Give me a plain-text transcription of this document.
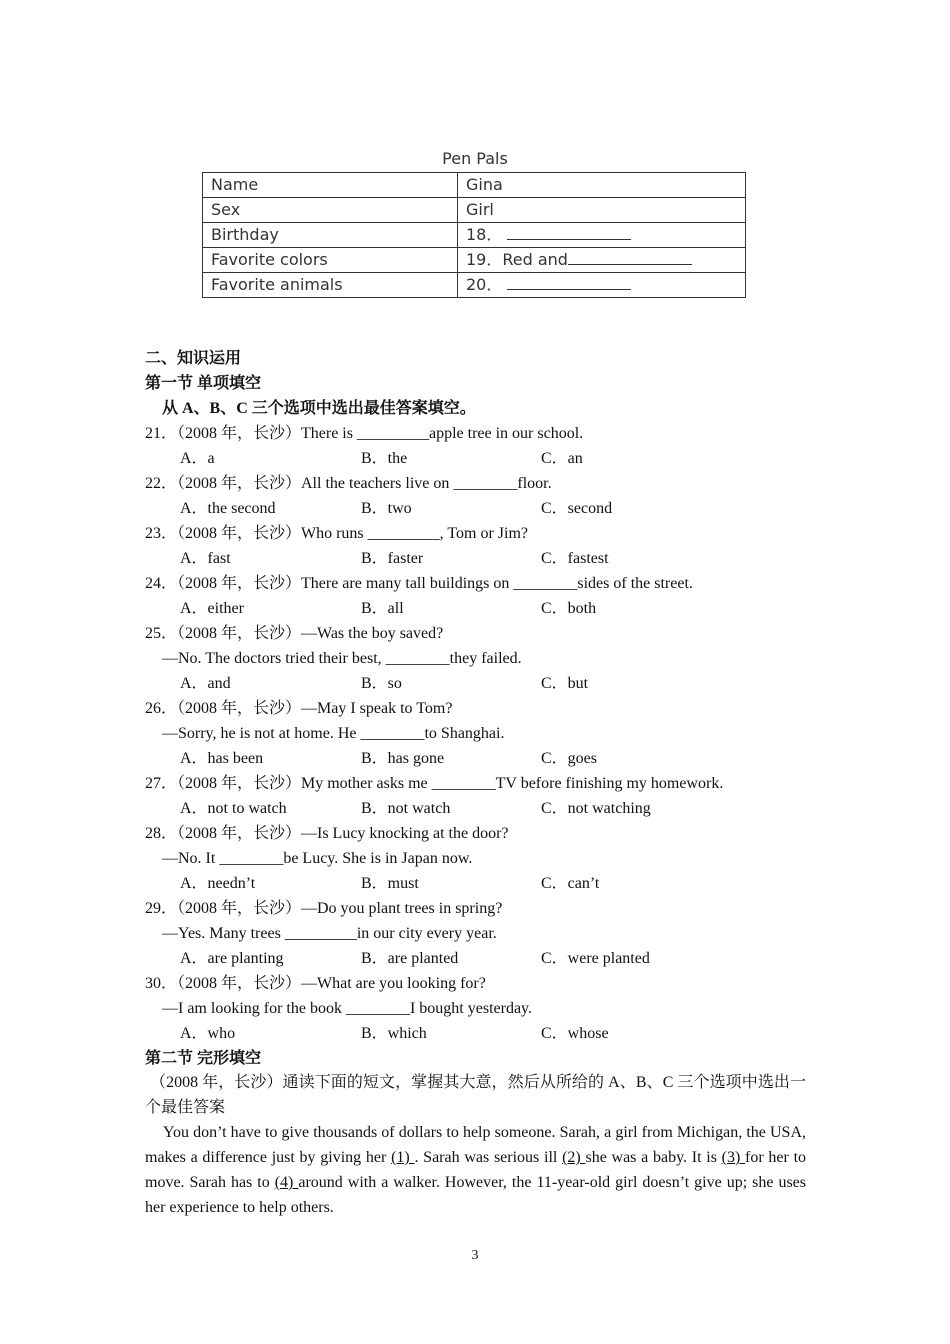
Pen Pals
Name	Gina
Sex	Girl
Birthday	18．
Favorite colors	19．Red and
Favorite animals	20．
二、知识运用
第一节 单项填空
从 A、B、C 三个选项中选出最佳答案填空。
21．（2008 年，长沙）There is _________apple tree in our school.
A．a	B．the	C．an
22．（2008 年，长沙）All the teachers live on ________floor.
A．the second	B．two	C．second
23．（2008 年，长沙）Who runs _________, Tom or Jim?
A．fast	B．faster	C．fastest
24．（2008 年，长沙）There are many tall buildings on ________sides of the street.
A．either	B．all	C．both
25．（2008 年，长沙）—Was the boy saved?
—No. The doctors tried their best, ________they failed.
A．and	B．so	C．but
26．（2008 年，长沙）—May I speak to Tom?
—Sorry, he is not at home. He ________to Shanghai.
A．has been	B．has gone	C．goes
27．（2008 年，长沙）My mother asks me ________TV before finishing my homework.
A．not to watch	B．not watch	C．not watching
28．（2008 年，长沙）—Is Lucy knocking at the door?
—No. It ________be Lucy. She is in Japan now.
A．needn’t	B．must	C．can’t
29．（2008 年，长沙）—Do you plant trees in spring?
—Yes. Many trees _________in our city every year.
A．are planting	B．are planted	C．were planted
30．（2008 年，长沙）—What are you looking for?
—I am looking for the book ________I bought yesterday.
A．who	B．which	C．whose
第二节 完形填空
（2008 年，长沙）通读下面的短文，掌握其大意，然后从所给的 A、B、C 三个选项中选出一个最佳答案
You don’t have to give thousands of dollars to help someone. Sarah, a girl from Michigan, the USA, makes a difference just by giving her (1) . Sarah was serious ill (2) she was a baby. It is (3) for her to move. Sarah has to (4) around with a walker. However, the 11-year-old girl doesn’t give up; she uses her experience to help others.
3
